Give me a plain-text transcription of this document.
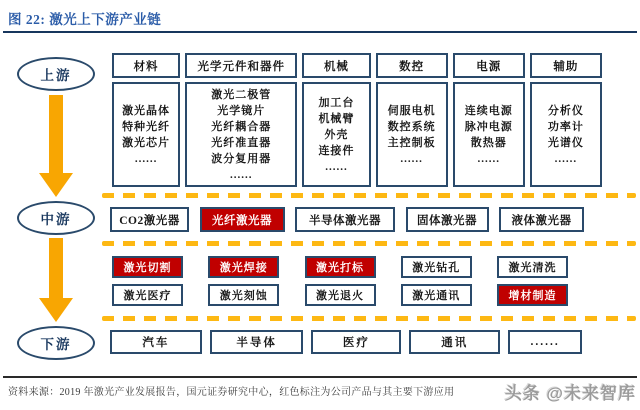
图 22: 激光上下游产业链
上游
中游
下游
材料
激光晶体
特种光纤
激光芯片
......
光学元件和器件
激光二极管
光学镜片
光纤耦合器
光纤准直器
波分复用器
......
机械
加工台
机械臂
外壳
连接件
......
数控
伺服电机
数控系统
主控制板
......
电源
连续电源
脉冲电源
散热器
......
辅助
分析仪
功率计
光谱仪
......
CO2激光器	光纤激光器	半导体激光器	固体激光器	液体激光器
激光切割	激光焊接	激光打标	激光钻孔	激光清洗
激光医疗	激光刻蚀	激光退火	激光通讯	增材制造
汽车	半导体	医疗	通讯	......
资料来源：2019 年激光产业发展报告，国元证券研究中心，红色标注为公司产品与其主要下游应用	头条 @未来智库
